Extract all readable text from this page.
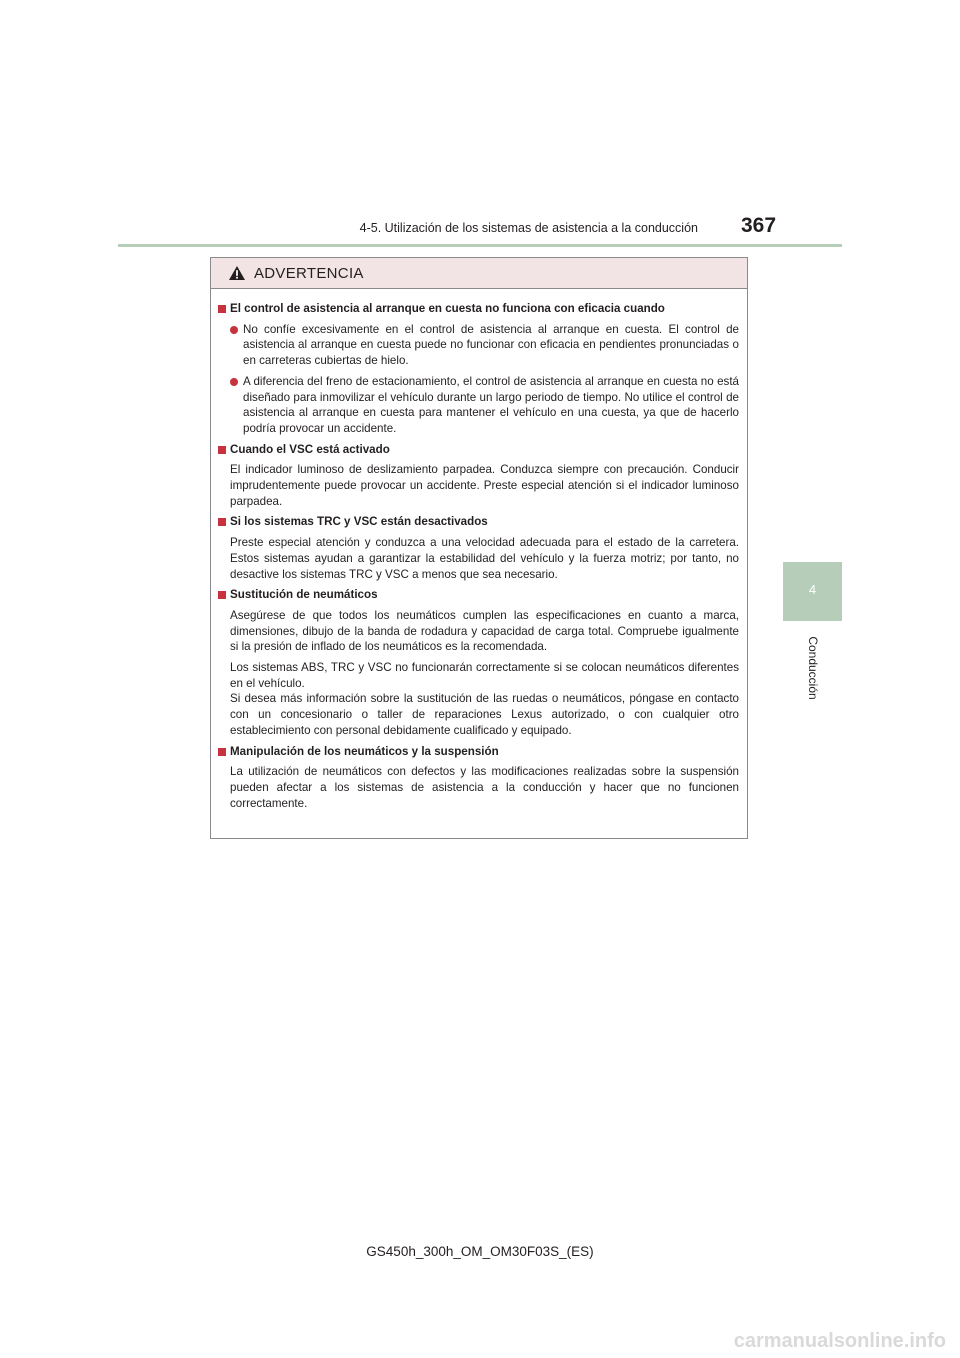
4-5. Utilización de los sistemas de asistencia a la conducción 367
4
Conducción
ADVERTENCIA
El control de asistencia al arranque en cuesta no funciona con eficacia cuando
No confíe excesivamente en el control de asistencia al arranque en cuesta. El control de asistencia al arranque en cuesta puede no funcionar con eficacia en pendientes pronunciadas o en carreteras cubiertas de hielo.
A diferencia del freno de estacionamiento, el control de asistencia al arranque en cuesta no está diseñado para inmovilizar el vehículo durante un largo periodo de tiempo. No utilice el control de asistencia al arranque en cuesta para mantener el vehículo en una cuesta, ya que de hacerlo podría provocar un accidente.
Cuando el VSC está activado
El indicador luminoso de deslizamiento parpadea. Conduzca siempre con precaución. Conducir imprudentemente puede provocar un accidente. Preste especial atención si el indicador luminoso parpadea.
Si los sistemas TRC y VSC están desactivados
Preste especial atención y conduzca a una velocidad adecuada para el estado de la carretera. Estos sistemas ayudan a garantizar la estabilidad del vehículo y la fuerza motriz; por tanto, no desactive los sistemas TRC y VSC a menos que sea necesario.
Sustitución de neumáticos
Asegúrese de que todos los neumáticos cumplen las especificaciones en cuanto a marca, dimensiones, dibujo de la banda de rodadura y capacidad de carga total. Compruebe igualmente si la presión de inflado de los neumáticos es la recomendada.
Los sistemas ABS, TRC y VSC no funcionarán correctamente si se colocan neumáticos diferentes en el vehículo.
Si desea más información sobre la sustitución de las ruedas o neumáticos, póngase en contacto con un concesionario o taller de reparaciones Lexus autorizado, o con cualquier otro establecimiento con personal debidamente cualificado y equipado.
Manipulación de los neumáticos y la suspensión
La utilización de neumáticos con defectos y las modificaciones realizadas sobre la suspensión pueden afectar a los sistemas de asistencia a la conducción y hacer que no funcionen correctamente.
GS450h_300h_OM_OM30F03S_(ES)
carmanualsonline.info
